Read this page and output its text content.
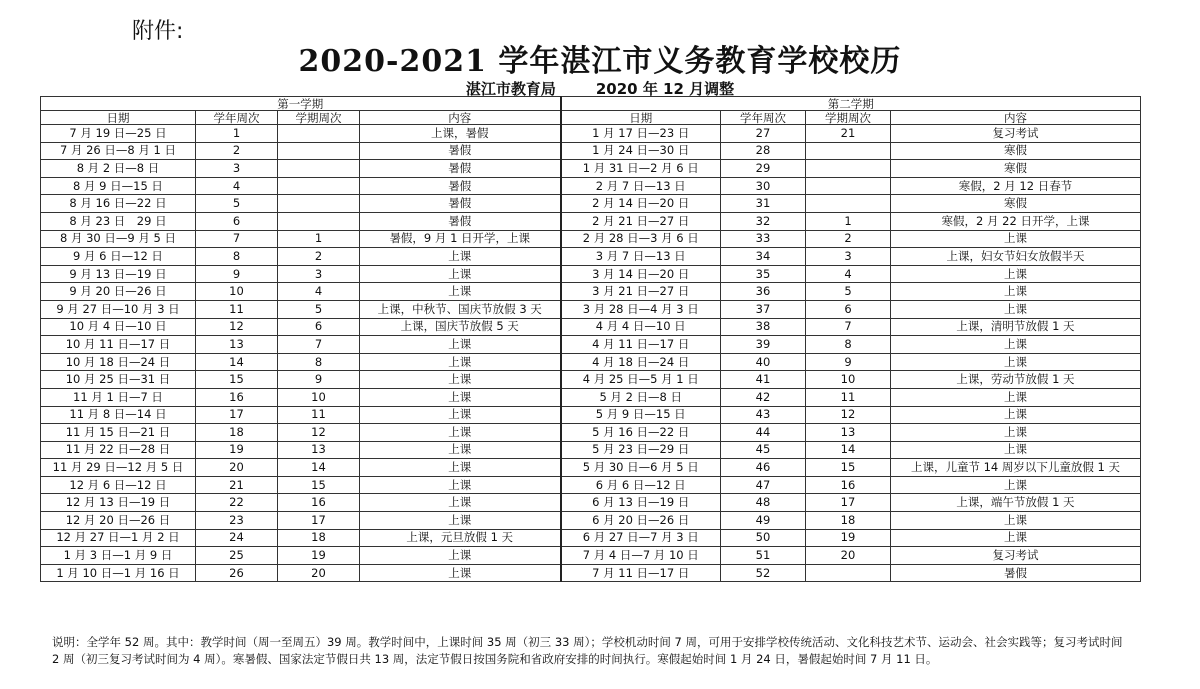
附件:
2020-2021 学年湛江市义务教育学校校历
湛江市教育局	2020 年 12 月调整
第一学期				第二学期			
日期	学年周次	学期周次	内容	日期	学年周次	学期周次	内容
7 月 19 日—25 日	1		上课，暑假	1 月 17 日—23 日	27	21	复习考试
7 月 26 日—8 月 1 日	2		暑假	1 月 24 日—30 日	28		寒假
8 月 2 日—8 日	3		暑假	1 月 31 日—2 月 6 日	29		寒假
8 月 9 日—15 日	4		暑假	2 月 7 日—13 日	30		寒假，2 月 12 日春节
8 月 16 日—22 日	5		暑假	2 月 14 日—20 日	31		寒假
8 月 23 日　29 日	6		暑假	2 月 21 日—27 日	32	1	寒假，2 月 22 日开学，上课
8 月 30 日—9 月 5 日	7	1	暑假，9 月 1 日开学，上课	2 月 28 日—3 月 6 日	33	2	上课
9 月 6 日—12 日	8	2	上课	3 月 7 日—13 日	34	3	上课，妇女节妇女放假半天
9 月 13 日—19 日	9	3	上课	3 月 14 日—20 日	35	4	上课
9 月 20 日—26 日	10	4	上课	3 月 21 日—27 日	36	5	上课
9 月 27 日—10 月 3 日	11	5	上课，中秋节、国庆节放假 3 天	3 月 28 日—4 月 3 日	37	6	上课
10 月 4 日—10 日	12	6	上课，国庆节放假 5 天	4 月 4 日—10 日	38	7	上课，清明节放假 1 天
10 月 11 日—17 日	13	7	上课	4 月 11 日—17 日	39	8	上课
10 月 18 日—24 日	14	8	上课	4 月 18 日—24 日	40	9	上课
10 月 25 日—31 日	15	9	上课	4 月 25 日—5 月 1 日	41	10	上课，劳动节放假 1 天
11 月 1 日—7 日	16	10	上课	5 月 2 日—8 日	42	11	上课
11 月 8 日—14 日	17	11	上课	5 月 9 日—15 日	43	12	上课
11 月 15 日—21 日	18	12	上课	5 月 16 日—22 日	44	13	上课
11 月 22 日—28 日	19	13	上课	5 月 23 日—29 日	45	14	上课
11 月 29 日—12 月 5 日	20	14	上课	5 月 30 日—6 月 5 日	46	15	上课，儿童节 14 周岁以下儿童放假 1 天
12 月 6 日—12 日	21	15	上课	6 月 6 日—12 日	47	16	上课
12 月 13 日—19 日	22	16	上课	6 月 13 日—19 日	48	17	上课，端午节放假 1 天
12 月 20 日—26 日	23	17	上课	6 月 20 日—26 日	49	18	上课
12 月 27 日—1 月 2 日	24	18	上课，元旦放假 1 天	6 月 27 日—7 月 3 日	50	19	上课
1 月 3 日—1 月 9 日	25	19	上课	7 月 4 日—7 月 10 日	51	20	复习考试
1 月 10 日—1 月 16 日	26	20	上课	7 月 11 日—17 日	52		暑假
说明：全学年 52 周。其中：教学时间（周一至周五）39 周。教学时间中，上课时间 35 周（初三 33 周）；学校机动时间 7 周，可用于安排学校传统活动、文化科技艺术节、运动会、社会实践等；复习考试时间 2 周（初三复习考试时间为 4 周）。寒暑假、国家法定节假日共 13 周，法定节假日按国务院和省政府安排的时间执行。寒假起始时间 1 月 24 日，暑假起始时间 7 月 11 日。
